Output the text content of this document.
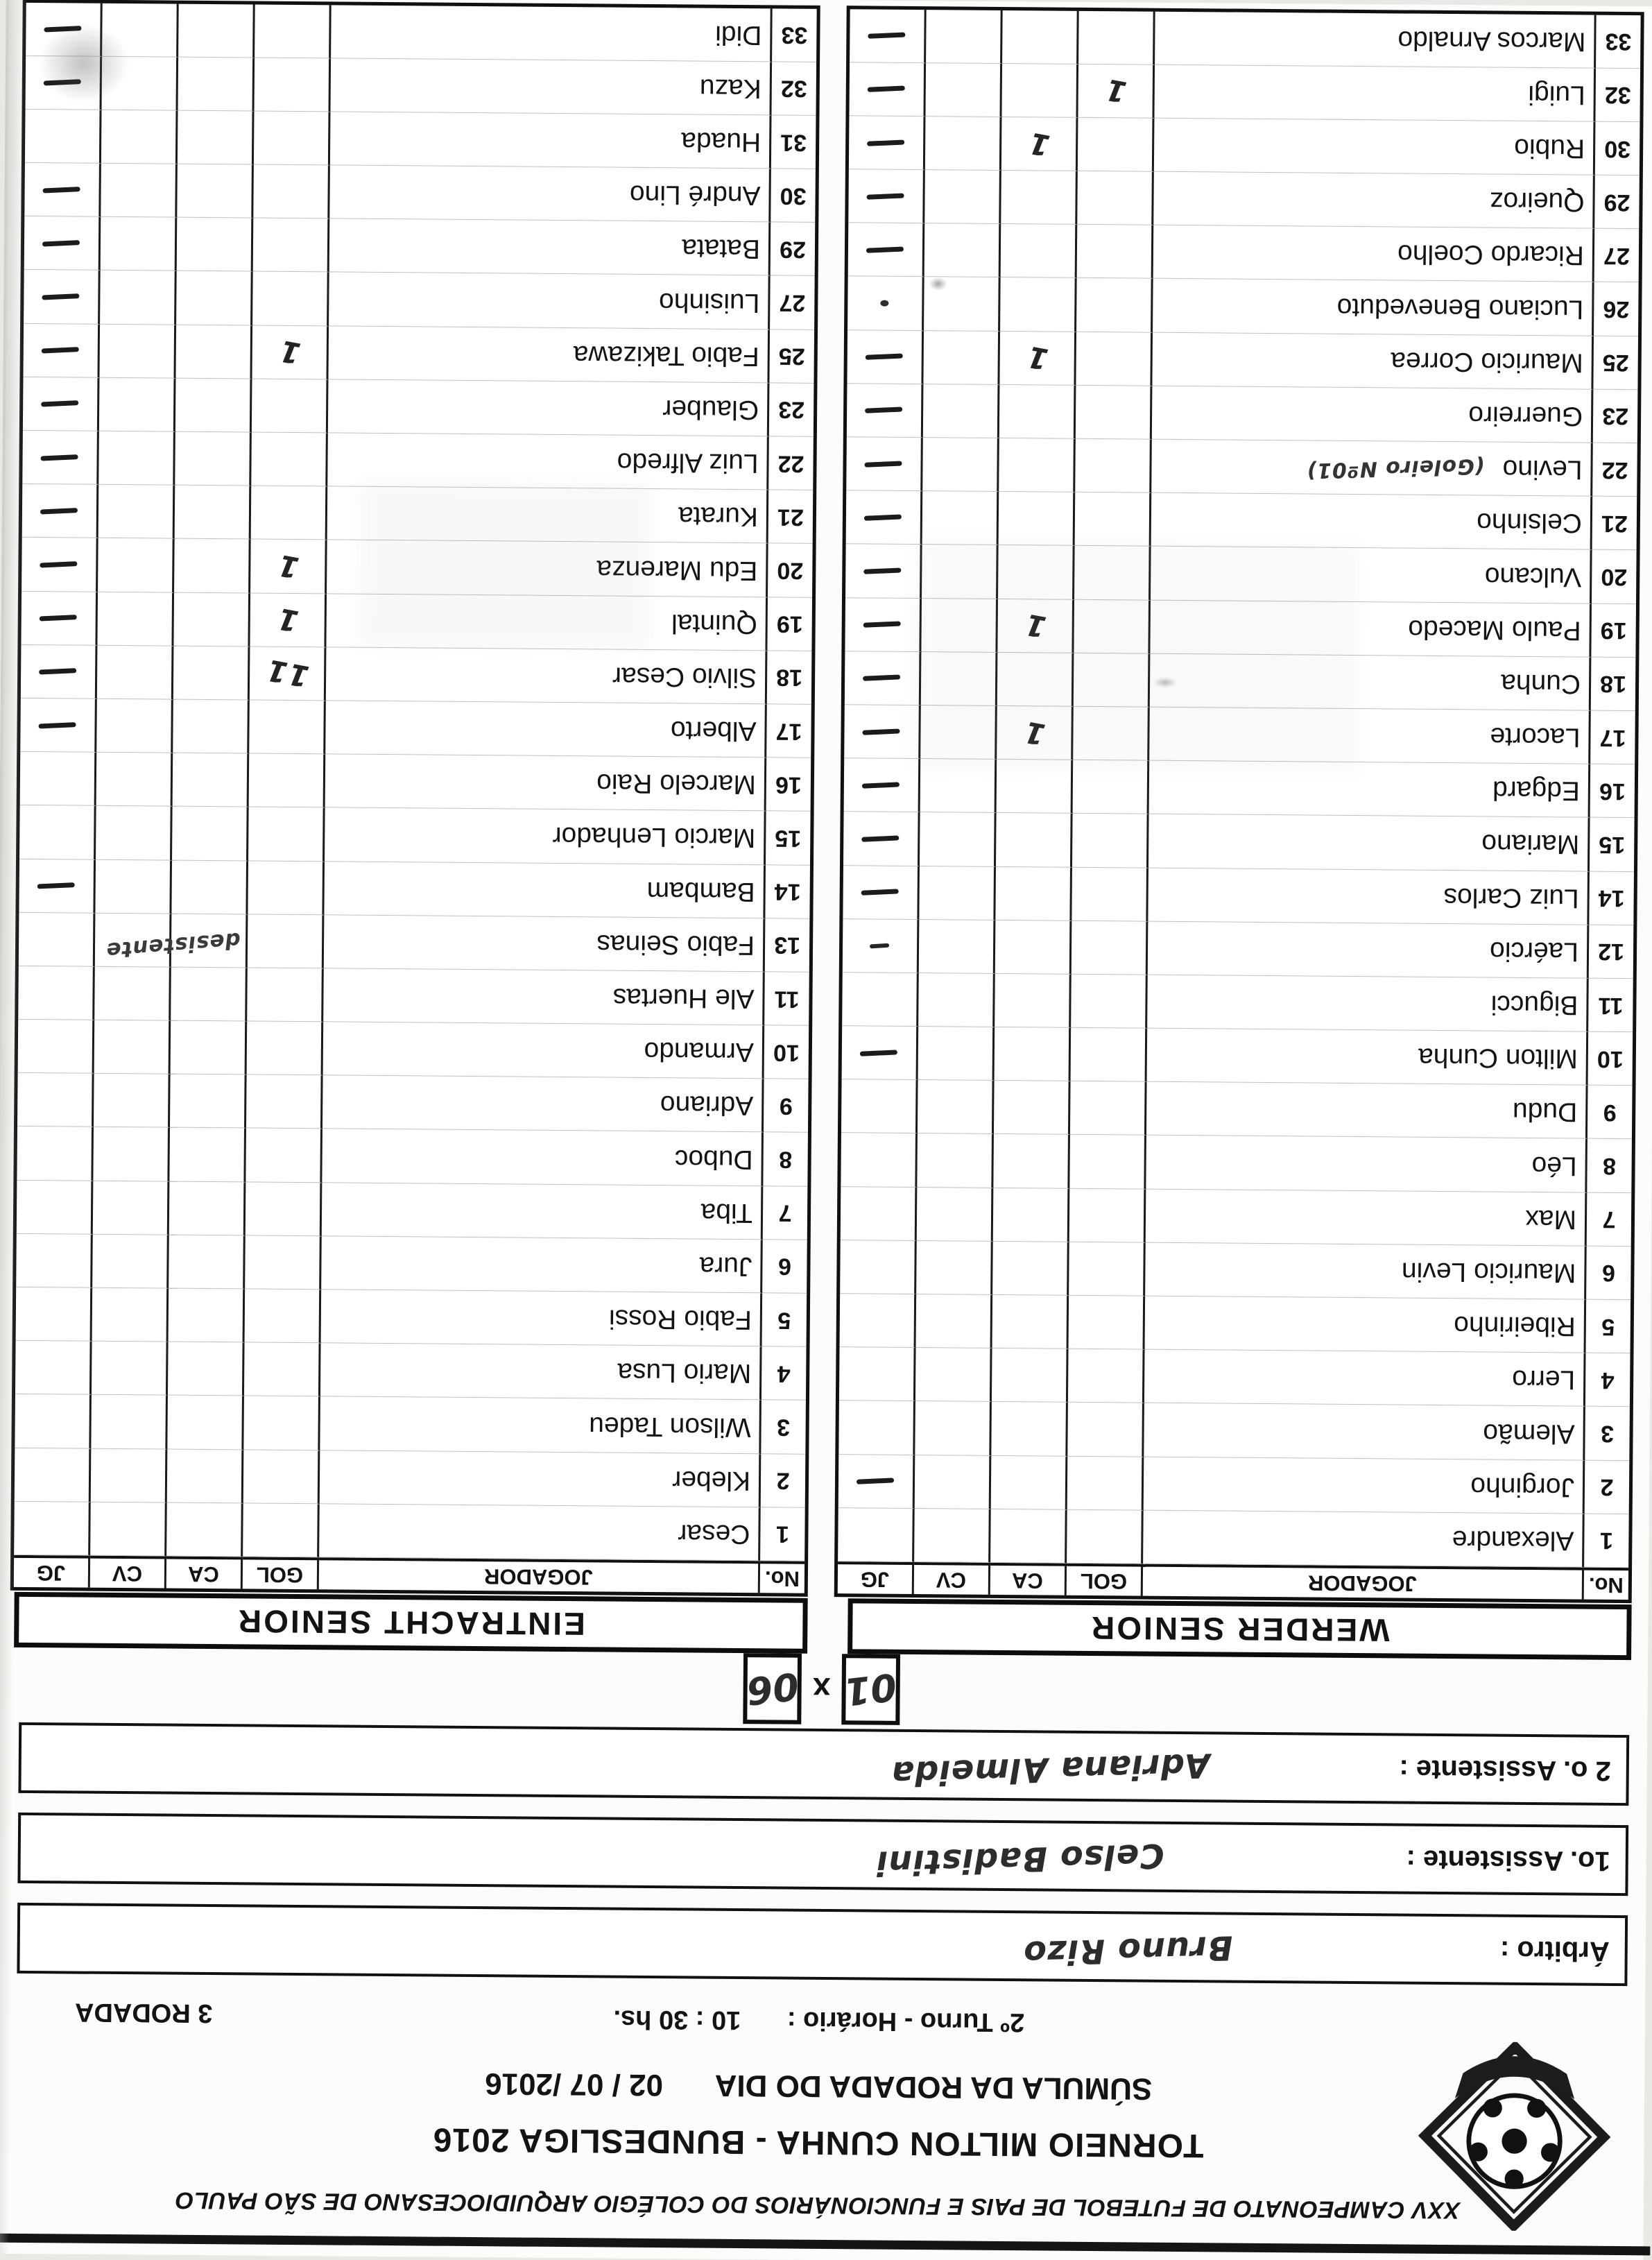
XXV CAMPEONATO DE FUTEBOL DE PAIS E FUNCIONÁRIOS DO COLÉGIO ARQUIDIOCESANO DE SÃO PAULO
TORNEIO MILTON CUNHA - BUNDESLIGA 2016
SÚMULA DA RODADA DO DIA 02 / 07 /2016
2º Turno - Horário : 10 : 30 hs.
3 RODADA
Árbitro :
Bruno Rizo
1o. Assistente :
Celso Badistini
2 o. Assistente :
Adriana Almeida
01
x
06
WERDER SENIOR
EINTRACHT SENIOR
No.
JOGADOR
GOL
CA
CV
JG
1
Alexandre
2
Jorginho
3
Alemão
4
Lerro
5
Ribeirinho
6
Mauricio Levin
7
Max
8
Léo
9
Dudu
10
Milton Cunha
11
Bigucci
12
Laércio
14
Luiz Carlos
15
Mariano
16
Edgard
17
Lacorte
1
18
Cunha
19
Paulo Macedo
1
20
Vulcano
21
Celsinho
22
Levino
(Goleiro Nº01)
23
Guerreiro
25
Mauricio Correa
1
26
Luciano Beneveduto
27
Ricardo Coelho
29
Queiroz
30
Rubio
1
32
Luigi
1
33
Marcos Arnaldo
No.
JOGADOR
GOL
CA
CV
JG
1
Cesar
2
Kleber
3
Wilson Tadeu
4
Mario Lusa
5
Fabio Rossi
6
Jura
7
Tiba
8
Duboc
9
Adriano
10
Armando
11
Ale Huertas
13
Fabio Seinas
14
Bambam
15
Marcio Lenhador
16
Marcelo Raio
17
Alberto
18
Silvio Cesar
11
19
Quintal
1
20
Edu Marenza
1
21
Kurata
22
Luiz Alfredo
23
Glauber
25
Fabio Takizawa
1
27
Luisinho
29
Batata
30
André Lino
31
Huada
32
Kazu
33
Didi
desistente
